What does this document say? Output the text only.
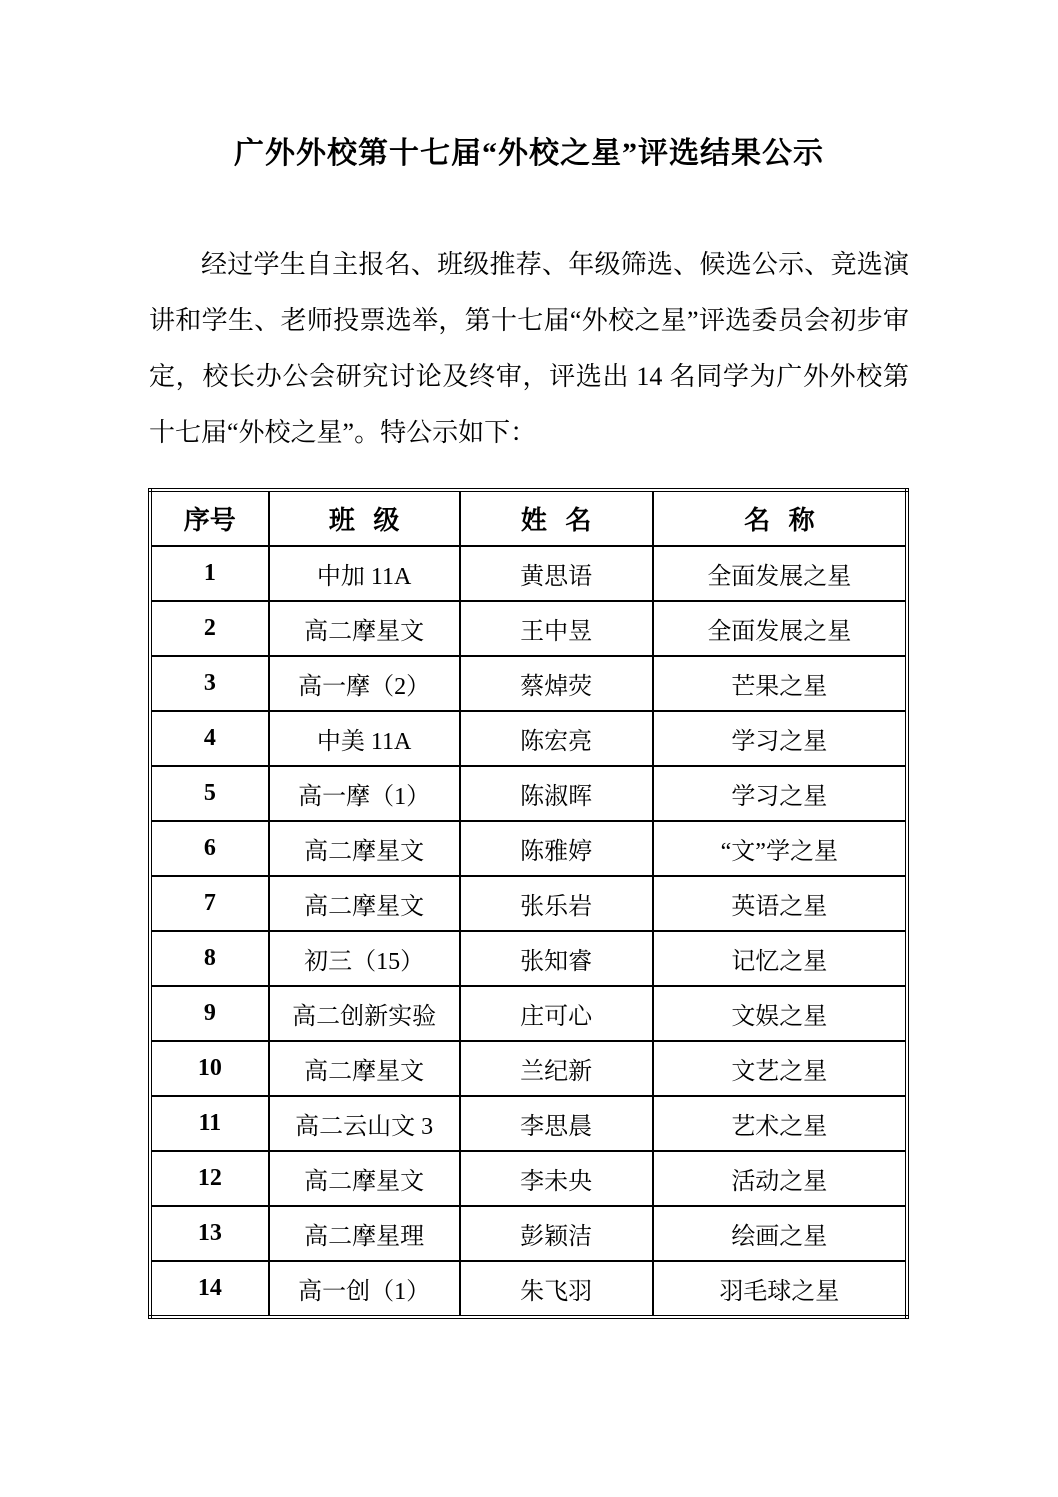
广外外校第十七届“外校之星”评选结果公示

经过学生自主报名、班级推荐、年级筛选、候选公示、竞选演讲和学生、老师投票选举，第十七届“外校之星”评选委员会初步审定，校长办公会研究讨论及终审，评选出 14 名同学为广外外校第十七届“外校之星”。特公示如下：

序号	班 级	姓 名	名 称
1	中加 11A	黄思语	全面发展之星
2	高二摩星文	王中昱	全面发展之星
3	高一摩（2）	蔡焯荧	芒果之星
4	中美 11A	陈宏亮	学习之星
5	高一摩（1）	陈淑晖	学习之星
6	高二摩星文	陈雅婷	“文”学之星
7	高二摩星文	张乐岩	英语之星
8	初三（15）	张知睿	记忆之星
9	高二创新实验	庄可心	文娱之星
10	高二摩星文	兰纪新	文艺之星
11	高二云山文 3	李思晨	艺术之星
12	高二摩星文	李未央	活动之星
13	高二摩星理	彭颖洁	绘画之星
14	高一创（1）	朱飞羽	羽毛球之星
